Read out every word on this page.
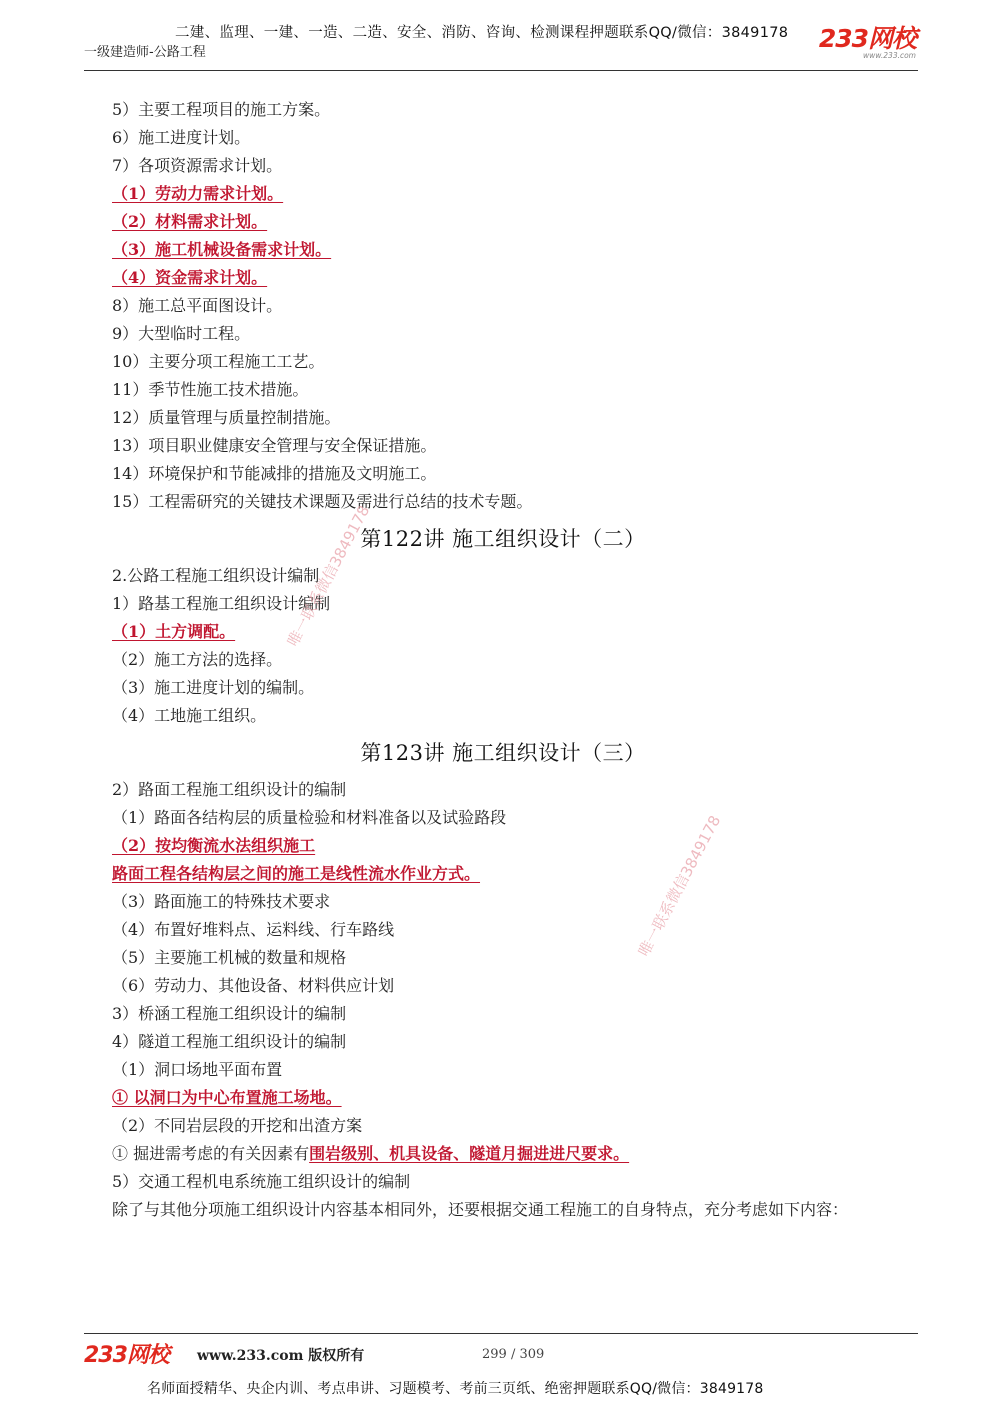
二建、监理、一建、一造、二造、安全、消防、咨询、检测课程押题联系QQ/微信：3849178
一级建造师-公路工程	233网校
www.233.com
5）主要工程项目的施工方案。
6）施工进度计划。
7）各项资源需求计划。
（1）劳动力需求计划。
（2）材料需求计划。
（3）施工机械设备需求计划。
（4）资金需求计划。
8）施工总平面图设计。
9）大型临时工程。
10）主要分项工程施工工艺。
11）季节性施工技术措施。
12）质量管理与质量控制措施。
13）项目职业健康安全管理与安全保证措施。
14）环境保护和节能减排的措施及文明施工。
15）工程需研究的关键技术课题及需进行总结的技术专题。
第122讲 施工组织设计（二）
2.公路工程施工组织设计编制
1）路基工程施工组织设计编制
（1）土方调配。
（2）施工方法的选择。
（3）施工进度计划的编制。
（4）工地施工组织。
第123讲 施工组织设计（三）
2）路面工程施工组织设计的编制
（1）路面各结构层的质量检验和材料准备以及试验路段
（2）按均衡流水法组织施工
路面工程各结构层之间的施工是线性流水作业方式。
（3）路面施工的特殊技术要求
（4）布置好堆料点、运料线、行车路线
（5）主要施工机械的数量和规格
（6）劳动力、其他设备、材料供应计划
3）桥涵工程施工组织设计的编制
4）隧道工程施工组织设计的编制
（1）洞口场地平面布置
① 以洞口为中心布置施工场地。
（2）不同岩层段的开挖和出渣方案
① 掘进需考虑的有关因素有围岩级别、机具设备、隧道月掘进进尺要求。
5）交通工程机电系统施工组织设计的编制
除了与其他分项施工组织设计内容基本相同外，还要根据交通工程施工的自身特点，充分考虑如下内容：
唯一联系微信3849178
唯一联系微信3849178
233网校 www.233.com 版权所有	299 / 309
名师面授精华、央企内训、考点串讲、习题模考、考前三页纸、绝密押题联系QQ/微信：3849178
